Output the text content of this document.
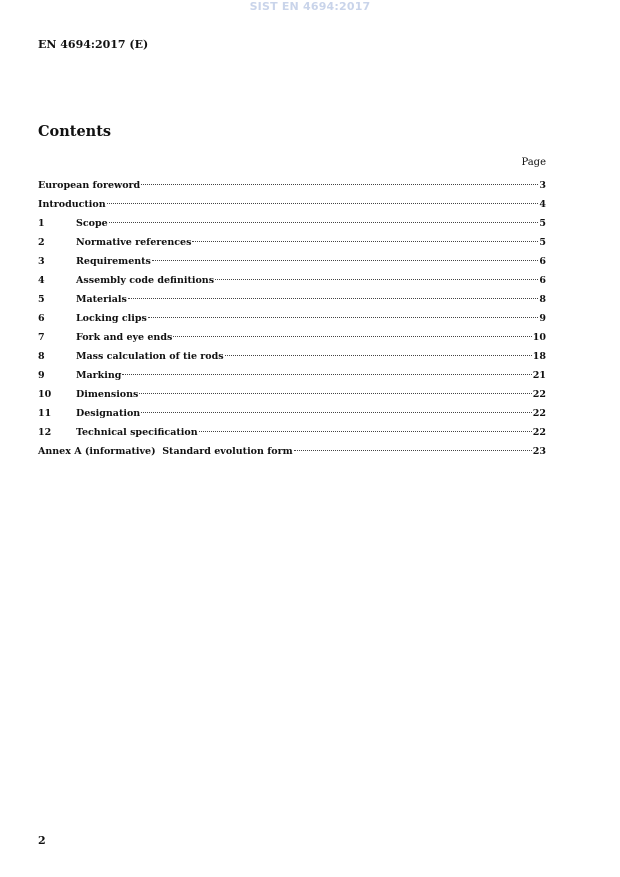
SIST EN 4694:2017
EN 4694:2017 (E)
Contents
Page
European foreword	3
Introduction	4
1	Scope	5
2	Normative references	5
3	Requirements	6
4	Assembly code definitions	6
5	Materials	8
6	Locking clips	9
7	Fork and eye ends	10
8	Mass calculation of tie rods	18
9	Marking	21
10	Dimensions	22
11	Designation	22
12	Technical specification	22
Annex A (informative)  Standard evolution form	23
2
